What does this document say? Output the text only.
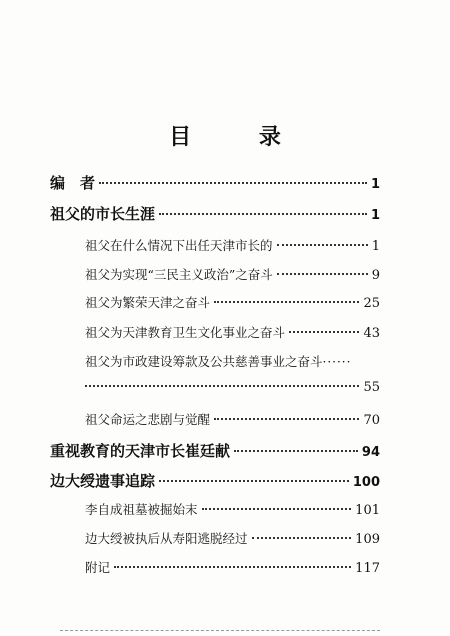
目 录
编　者	1
祖父的市长生涯	1
祖父在什么情况下出任天津市长的	1
祖父为实现“三民主义政治”之奋斗	9
祖父为繁荣天津之奋斗	25
祖父为天津教育卫生文化事业之奋斗	43
祖父为市政建设筹款及公共慈善事业之奋斗 ······
55
祖父命运之悲剧与觉醒	70
重视教育的天津市长崔廷献	94
边大绶遗事追踪	100
李自成祖墓被掘始末	101
边大绶被执后从寿阳逃脱经过	109
附记	117
